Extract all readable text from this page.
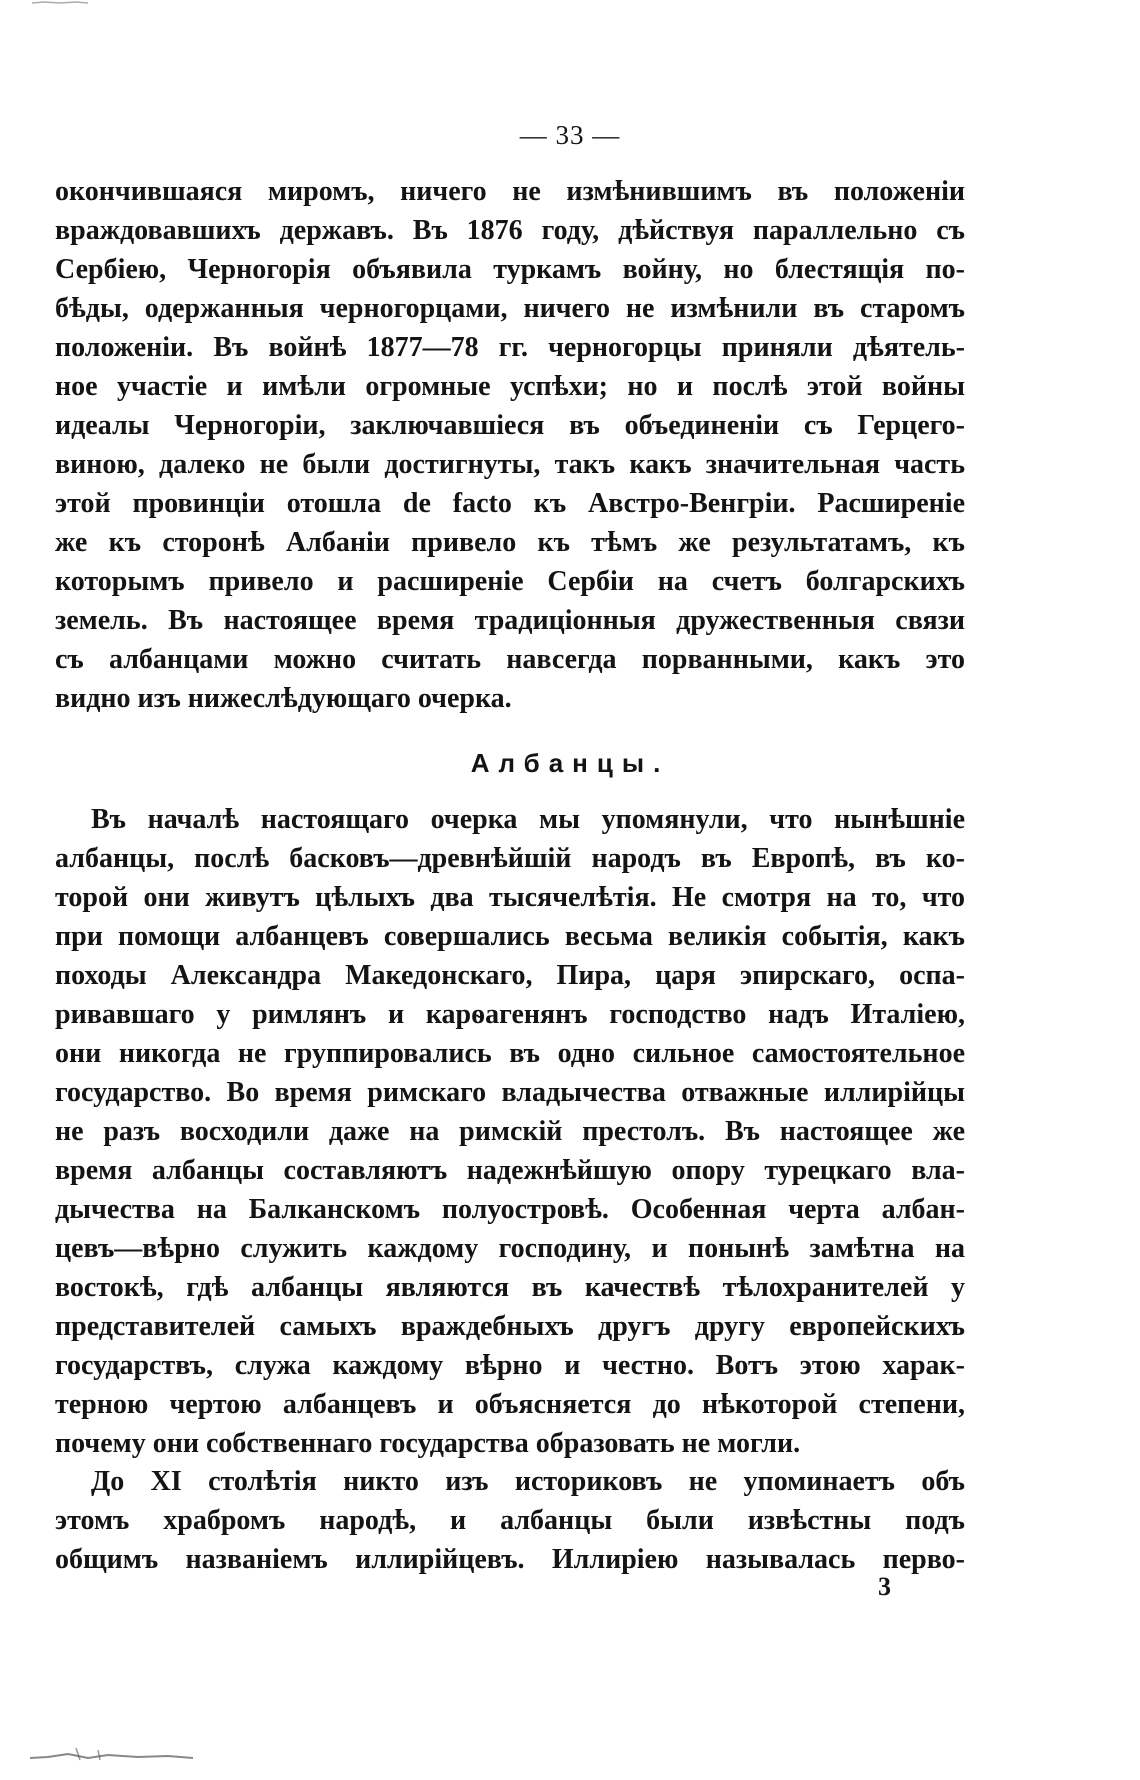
— 33 —
окончившаяся миромъ, ничего не измѣнившимъ въ положеніи
враждовавшихъ державъ. Въ 1876 году, дѣйствуя параллельно съ
Сербіею, Черногорія объявила туркамъ войну, но блестящія по-
бѣды, одержанныя черногорцами, ничего не измѣнили въ старомъ
положеніи. Въ войнѣ 1877—78 гг. черногорцы приняли дѣятель-
ное участіе и имѣли огромные успѣхи; но и послѣ этой войны
идеалы Черногоріи, заключавшіеся въ объединеніи съ Герцего-
виною, далеко не были достигнуты, такъ какъ значительная часть
этой провинціи отошла de facto къ Австро-Венгріи. Расширеніе
же къ сторонѣ Албаніи привело къ тѣмъ же результатамъ, къ
которымъ привело и расширеніе Сербіи на счетъ болгарскихъ
земель. Въ настоящее время традиціонныя дружественныя связи
съ албанцами можно считать навсегда порванными, какъ это
видно изъ нижеслѣдующаго очерка.
Албанцы.
Въ началѣ настоящаго очерка мы упомянули, что нынѣшніе
албанцы, послѣ басковъ—древнѣйшій народъ въ Европѣ, въ ко-
торой они живутъ цѣлыхъ два тысячелѣтія. Не смотря на то, что
при помощи албанцевъ совершались весьма великія событія, какъ
походы Александра Македонскаго, Пира, царя эпирскаго, оспа-
ривавшаго у римлянъ и карѳагенянъ господство надъ Италіею,
они никогда не группировались въ одно сильное самостоятельное
государство. Во время римскаго владычества отважные иллирійцы
не разъ восходили даже на римскій престолъ. Въ настоящее же
время албанцы составляютъ надежнѣйшую опору турецкаго вла-
дычества на Балканскомъ полуостровѣ. Особенная черта албан-
цевъ—вѣрно служить каждому господину, и понынѣ замѣтна на
востокѣ, гдѣ албанцы являются въ качествѣ тѣлохранителей у
представителей самыхъ враждебныхъ другъ другу европейскихъ
государствъ, служа каждому вѣрно и честно. Вотъ этою харак-
терною чертою албанцевъ и объясняется до нѣкоторой степени,
почему они собственнаго государства образовать не могли.
До XI столѣтія никто изъ историковъ не упоминаетъ объ
этомъ храбромъ народѣ, и албанцы были извѣстны подъ
общимъ названіемъ иллирійцевъ. Иллиріею называлась перво-
3
